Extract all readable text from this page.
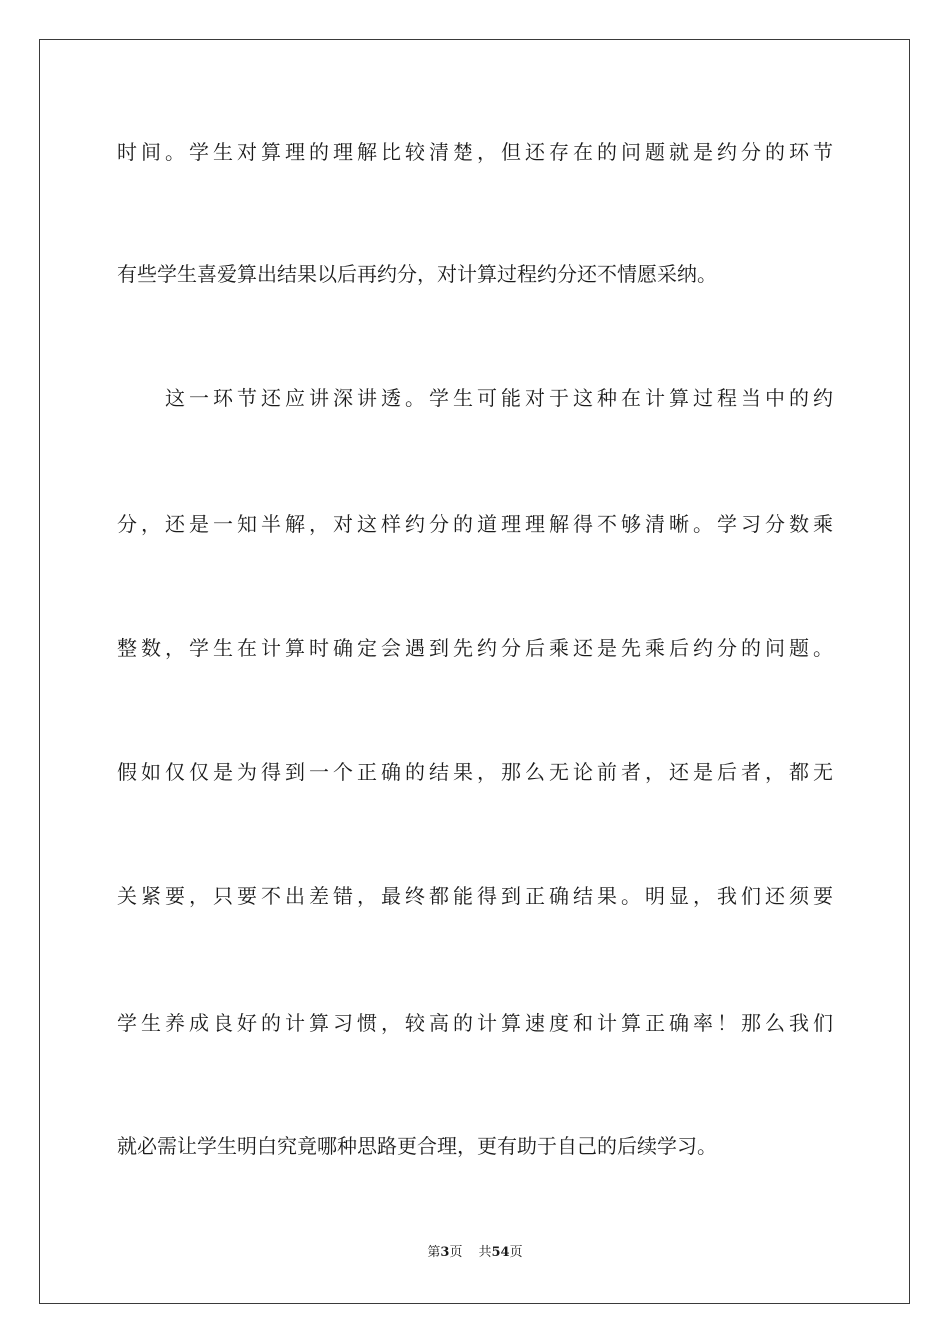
时间。学生对算理的理解比较清楚，但还存在的问题就是约分的环节
有些学生喜爱算出结果以后再约分，对计算过程约分还不情愿采纳。
这一环节还应讲深讲透。学生可能对于这种在计算过程当中的约
分，还是一知半解，对这样约分的道理理解得不够清晰。学习分数乘
整数，学生在计算时确定会遇到先约分后乘还是先乘后约分的问题。
假如仅仅是为得到一个正确的结果，那么无论前者，还是后者，都无
关紧要，只要不出差错，最终都能得到正确结果。明显，我们还须要
学生养成良好的计算习惯，较高的计算速度和计算正确率！那么我们
就必需让学生明白究竟哪种思路更合理，更有助于自己的后续学习。
第3页 共54页
